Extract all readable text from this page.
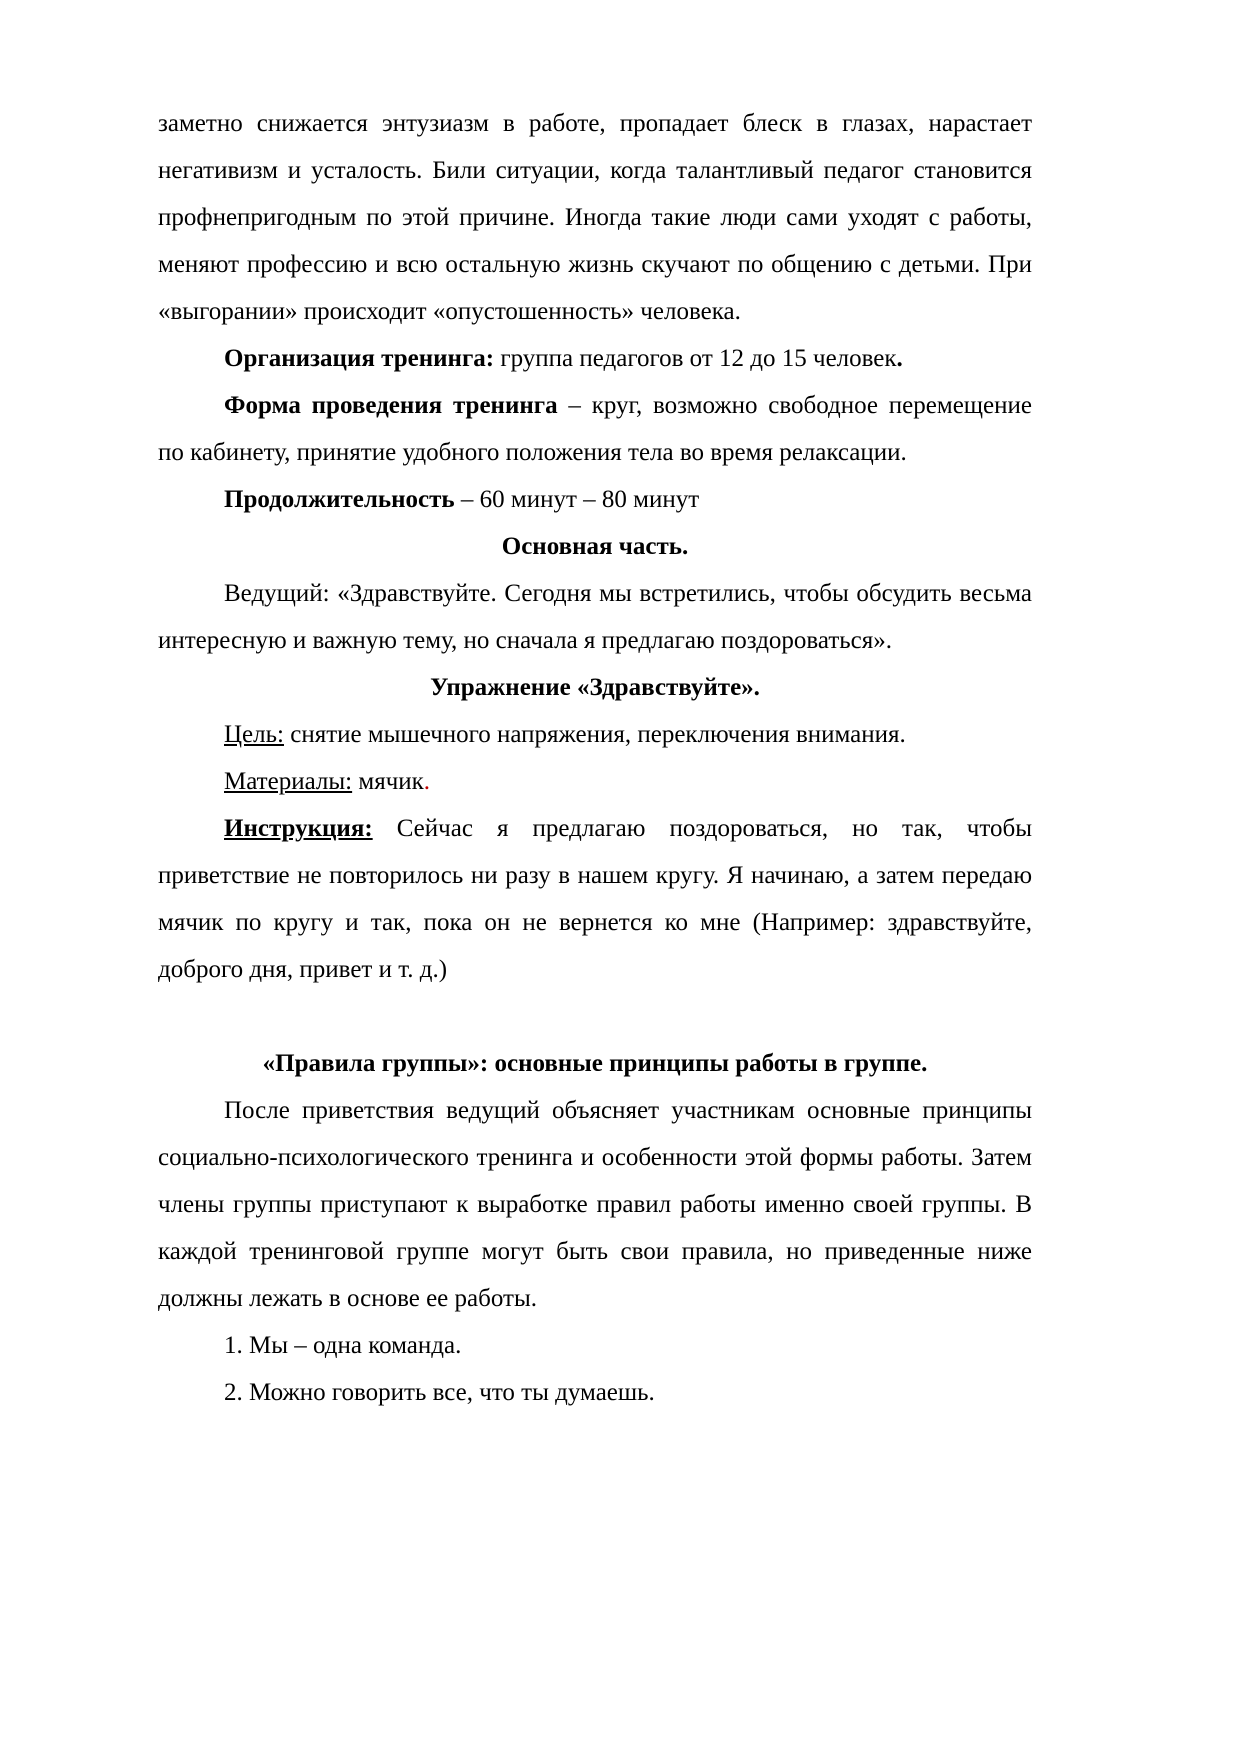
заметно снижается энтузиазм в работе, пропадает блеск в глазах, нарастает негативизм и усталость. Били ситуации, когда талантливый педагог становится профнепригодным по этой причине. Иногда такие люди сами уходят с работы, меняют профессию и всю остальную жизнь скучают по общению с детьми. При «выгорании» происходит «опустошенность» человека.

Организация тренинга: группа педагогов от 12 до 15 человек.

Форма проведения тренинга – круг, возможно свободное перемещение по кабинету, принятие удобного положения тела во время релаксации.

Продолжительность – 60 минут – 80 минут

Основная часть.

Ведущий: «Здравствуйте. Сегодня мы встретились, чтобы обсудить весьма интересную и важную тему, но сначала я предлагаю поздороваться».

Упражнение «Здравствуйте».

Цель: снятие мышечного напряжения, переключения внимания.

Материалы: мячик.

Инструкция: Сейчас я предлагаю поздороваться, но так, чтобы приветствие не повторилось ни разу в нашем кругу. Я начинаю, а затем передаю мячик по кругу и так, пока он не вернется ко мне (Например: здравствуйте, доброго дня, привет и т. д.)

«Правила группы»: основные принципы работы в группе.

После приветствия ведущий объясняет участникам основные принципы социально-психологического тренинга и особенности этой формы работы. Затем члены группы приступают к выработке правил работы именно своей группы. В каждой тренинговой группе могут быть свои правила, но приведенные ниже должны лежать в основе ее работы.

1. Мы – одна команда.

2. Можно говорить все, что ты думаешь.
